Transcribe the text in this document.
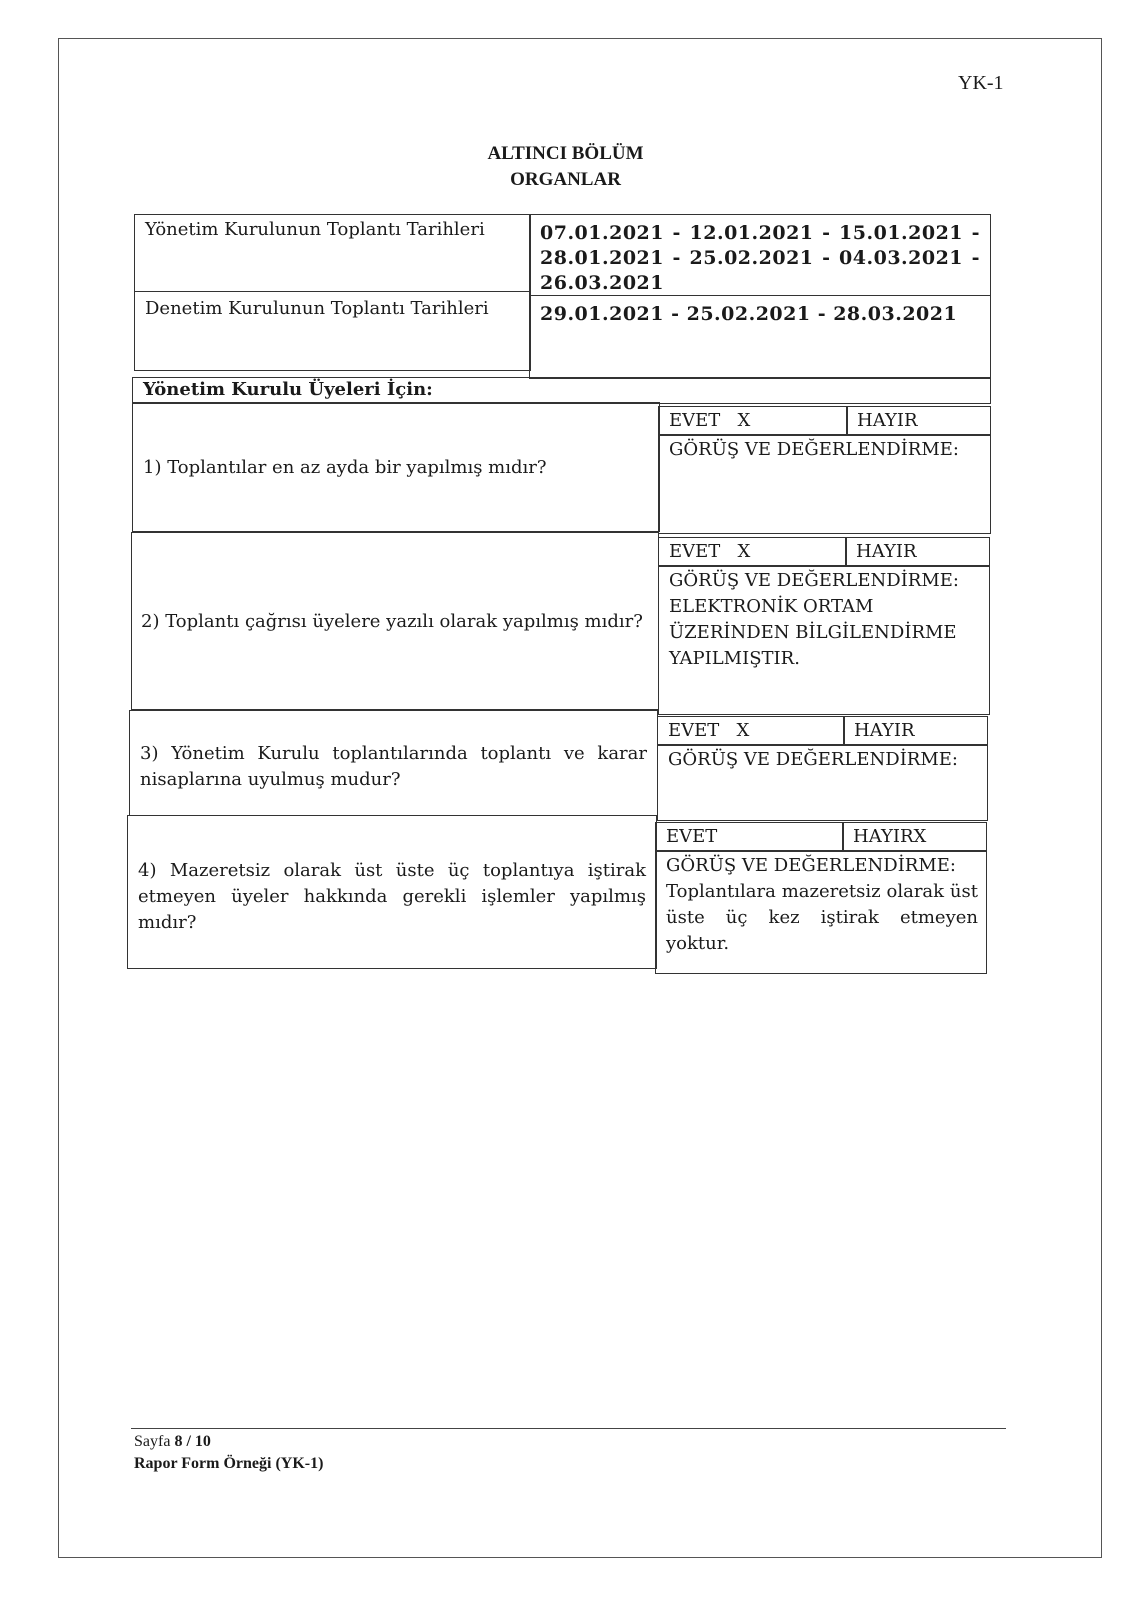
YK-1
ALTINCI BÖLÜM
ORGANLAR
Yönetim Kurulunun Toplantı Tarihleri	07.01.2021 - 12.01.2021 - 15.01.2021 -
28.01.2021 - 25.02.2021 - 04.03.2021 -
26.03.2021
Denetim Kurulunun Toplantı Tarihleri	29.01.2021 - 25.02.2021 - 28.03.2021
Yönetim Kurulu Üyeleri İçin:
1) Toplantılar en az ayda bir yapılmış mıdır?
EVET   X	HAYIR
GÖRÜŞ VE DEĞERLENDİRME:
2) Toplantı çağrısı üyelere yazılı olarak yapılmış mıdır?
EVET   X	HAYIR
GÖRÜŞ VE DEĞERLENDİRME:
ELEKTRONİK ORTAM ÜZERİNDEN BİLGİLENDİRME YAPILMIŞTIR.
3) Yönetim Kurulu toplantılarında toplantı ve karar nisaplarına uyulmuş mudur?
EVET   X	HAYIR
GÖRÜŞ VE DEĞERLENDİRME:
4) Mazeretsiz olarak üst üste üç toplantıya iştirak etmeyen üyeler hakkında gerekli işlemler yapılmış mıdır?
EVET	HAYIRX
GÖRÜŞ VE DEĞERLENDİRME:
Toplantılara mazeretsiz olarak üst üste üç kez iştirak etmeyen yoktur.
Sayfa 8 / 10
Rapor Form Örneği (YK-1)
